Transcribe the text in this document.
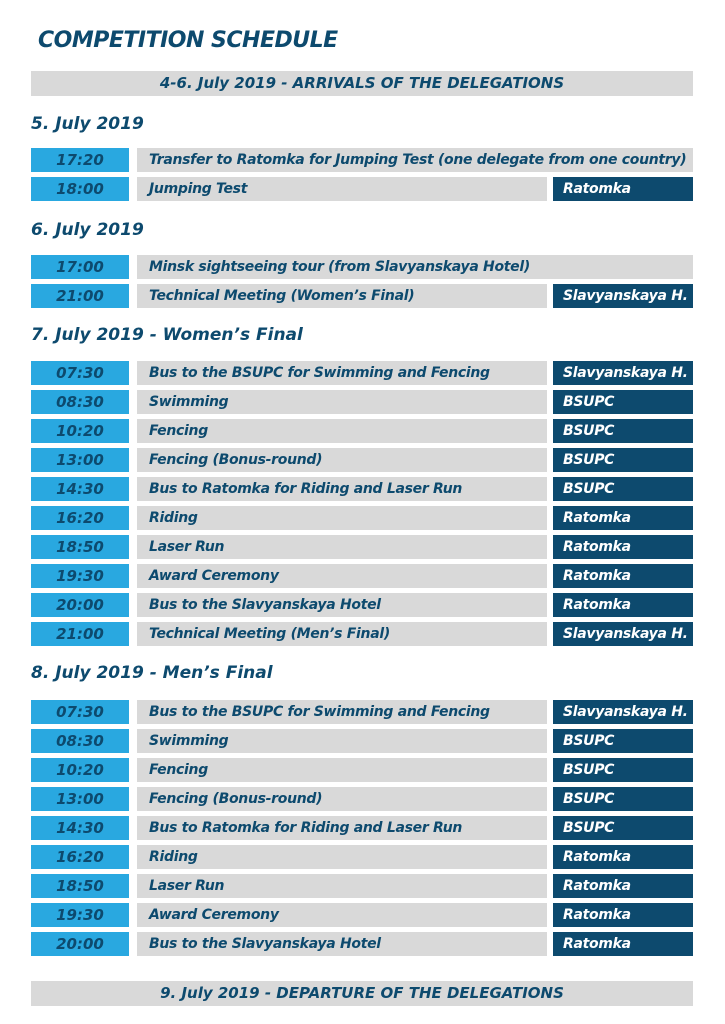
COMPETITION SCHEDULE
4-6. July 2019 - ARRIVALS OF THE DELEGATIONS
5. July 2019
17:20	Transfer to Ratomka for Jumping Test (one delegate from one country)
18:00	Jumping Test	Ratomka
6. July 2019
17:00	Minsk sightseeing tour (from Slavyanskaya Hotel)
21:00	Technical Meeting (Women’s Final)	Slavyanskaya H.
7. July 2019 - Women’s Final
07:30	Bus to the BSUPC for Swimming and Fencing	Slavyanskaya H.
08:30	Swimming	BSUPC
10:20	Fencing	BSUPC
13:00	Fencing (Bonus-round)	BSUPC
14:30	Bus to Ratomka for Riding and Laser Run	BSUPC
16:20	Riding	Ratomka
18:50	Laser Run	Ratomka
19:30	Award Ceremony	Ratomka
20:00	Bus to the Slavyanskaya Hotel	Ratomka
21:00	Technical Meeting (Men’s Final)	Slavyanskaya H.
8. July 2019 - Men’s Final
07:30	Bus to the BSUPC for Swimming and Fencing	Slavyanskaya H.
08:30	Swimming	BSUPC
10:20	Fencing	BSUPC
13:00	Fencing (Bonus-round)	BSUPC
14:30	Bus to Ratomka for Riding and Laser Run	BSUPC
16:20	Riding	Ratomka
18:50	Laser Run	Ratomka
19:30	Award Ceremony	Ratomka
20:00	Bus to the Slavyanskaya Hotel	Ratomka
9. July 2019 - DEPARTURE OF THE DELEGATIONS
